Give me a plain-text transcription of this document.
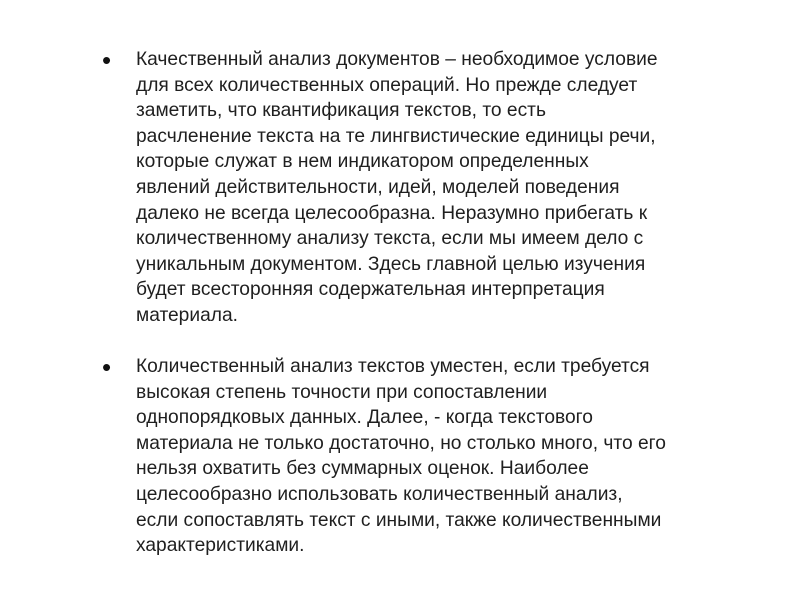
• Качественный анализ документов – необходимое условие
для всех количественных операций. Но прежде следует
заметить, что квантификация текстов, то есть
расчленение текста на те лингвистические единицы речи,
которые служат в нем индикатором определенных
явлений действительности, идей, моделей поведения
далеко не всегда целесообразна. Неразумно прибегать к
количественному анализу текста, если мы имеем дело с
уникальным документом. Здесь главной целью изучения
будет всесторонняя содержательная интерпретация
материала.
• Количественный анализ текстов уместен, если требуется
высокая степень точности при сопоставлении
однопорядковых данных. Далее, - когда текстового
материала не только достаточно, но столько много, что его
нельзя охватить без суммарных оценок. Наиболее
целесообразно использовать количественный анализ,
если сопоставлять текст с иными, также количественными
характеристиками.
